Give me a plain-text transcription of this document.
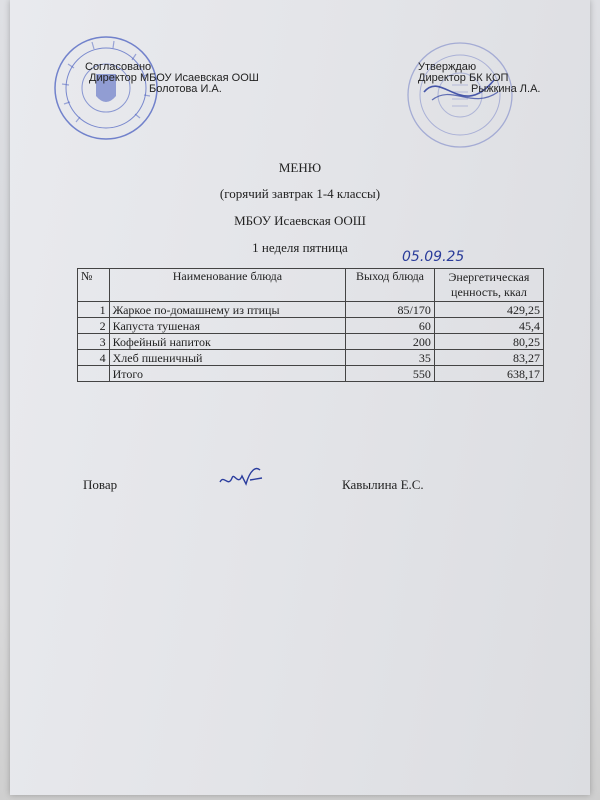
Согласовано
Директор МБОУ Исаевская ООШ
Болотова И.А.
Утверждаю
Директор БК КОП
Рыжкина Л.А.
МЕНЮ
(горячий завтрак 1-4 классы)
МБОУ Исаевская ООШ
1 неделя пятница
05.09.25
№	Наименование блюда	Выход блюда	Энергетическая ценность, ккал
1	Жаркое по-домашнему из птицы	85/170	429,25
2	Капуста тушеная	60	45,4
3	Кофейный напиток	200	80,25
4	Хлеб пшеничный	35	83,27
	Итого	550	638,17
Повар	Кавылина Е.С.
